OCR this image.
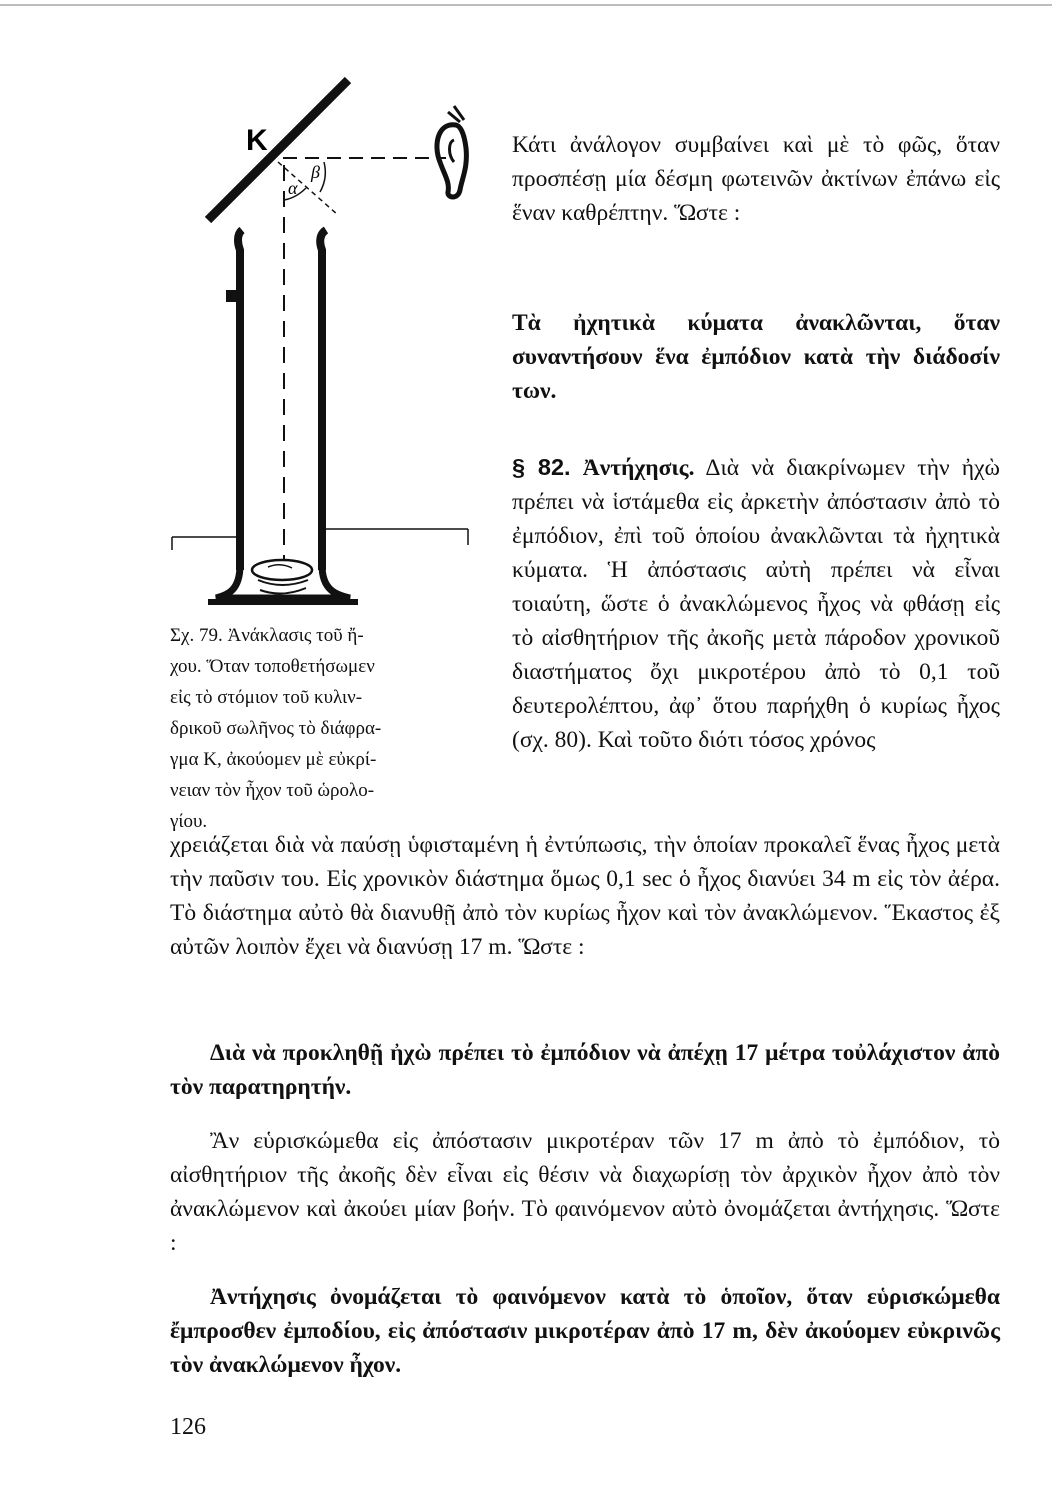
K
α
β
Σχ. 79. Ἀνάκλασις τοῦ ἤ-
χου. Ὅταν τοποθετήσωμεν
εἰς τὸ στόμιον τοῦ κυλιν-
δρικοῦ σωλῆνος τὸ διάφρα-
γμα Κ, ἀκούομεν μὲ εὐκρί-
νειαν τὸν ἦχον τοῦ ὡρολο-
γίου.

Κάτι ἀνάλογον συμβαίνει καὶ μὲ τὸ φῶς, ὅταν προσπέσῃ μία δέσμη φωτεινῶν ἀκτίνων ἐπάνω εἰς ἕναν καθρέπτην. Ὥστε :

Τὰ ἠχητικὰ κύματα ἀνακλῶνται, ὅταν συναντήσουν ἕνα ἐμπόδιον κατὰ τὴν διάδοσίν των.

§ 82. Ἀντήχησις. Διὰ νὰ διακρίνωμεν τὴν ἠχὼ πρέπει νὰ ἱστάμεθα εἰς ἀρκετὴν ἀπόστασιν ἀπὸ τὸ ἐμπόδιον, ἐπὶ τοῦ ὁποίου ἀνακλῶνται τὰ ἠχητικὰ κύματα. Ἡ ἀπόστασις αὐτὴ πρέπει νὰ εἶναι τοιαύτη, ὥστε ὁ ἀνακλώμενος ἦχος νὰ φθάσῃ εἰς τὸ αἰσθητήριον τῆς ἀκοῆς μετὰ πάροδον χρονικοῦ διαστήματος ὄχι μικροτέρου ἀπὸ τὸ 0,1 τοῦ δευτερολέπτου, ἀφ᾿ ὅτου παρήχθη ὁ κυρίως ἦχος (σχ. 80). Καὶ τοῦτο διότι τόσος χρόνος

χρειάζεται διὰ νὰ παύσῃ ὑφισταμένη ἡ ἐντύπωσις, τὴν ὁποίαν προκαλεῖ ἕνας ἦχος μετὰ τὴν παῦσιν του. Εἰς χρονικὸν διάστημα ὅμως 0,1 sec ὁ ἦχος διανύει 34 m εἰς τὸν ἀέρα. Τὸ διάστημα αὐτὸ θὰ διανυθῇ ἀπὸ τὸν κυρίως ἦχον καὶ τὸν ἀνακλώμενον. Ἕκαστος ἐξ αὐτῶν λοιπὸν ἔχει νὰ διανύσῃ 17 m. Ὥστε :

Διὰ νὰ προκληθῇ ἠχὼ πρέπει τὸ ἐμπόδιον νὰ ἀπέχῃ 17 μέτρα τοὐλάχιστον ἀπὸ τὸν παρατηρητήν.

Ἂν εὑρισκώμεθα εἰς ἀπόστασιν μικροτέραν τῶν 17 m ἀπὸ τὸ ἐμπόδιον, τὸ αἰσθητήριον τῆς ἀκοῆς δὲν εἶναι εἰς θέσιν νὰ διαχωρίσῃ τὸν ἀρχικὸν ἦχον ἀπὸ τὸν ἀνακλώμενον καὶ ἀκούει μίαν βοήν. Τὸ φαινόμενον αὐτὸ ὀνομάζεται ἀντήχησις. Ὥστε :

Ἀντήχησις ὀνομάζεται τὸ φαινόμενον κατὰ τὸ ὁποῖον, ὅταν εὑρισκώμεθα ἔμπροσθεν ἐμποδίου, εἰς ἀπόστασιν μικροτέραν ἀπὸ 17 m, δὲν ἀκούομεν εὐκρινῶς τὸν ἀνακλώμενον ἦχον.

126
